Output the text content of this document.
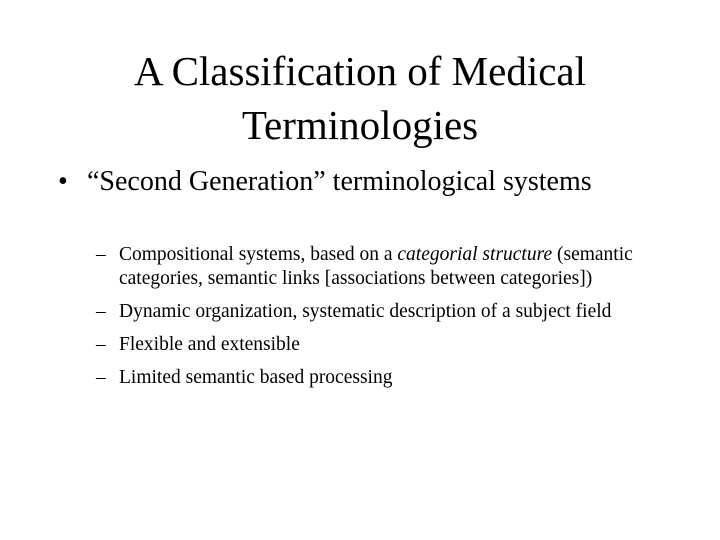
A Classification of Medical
Terminologies
• “Second Generation” terminological systems
– Compositional systems, based on a categorial structure (semantic categories, semantic links [associations between categories])
– Dynamic organization, systematic description of a subject field
– Flexible and extensible
– Limited semantic based processing
